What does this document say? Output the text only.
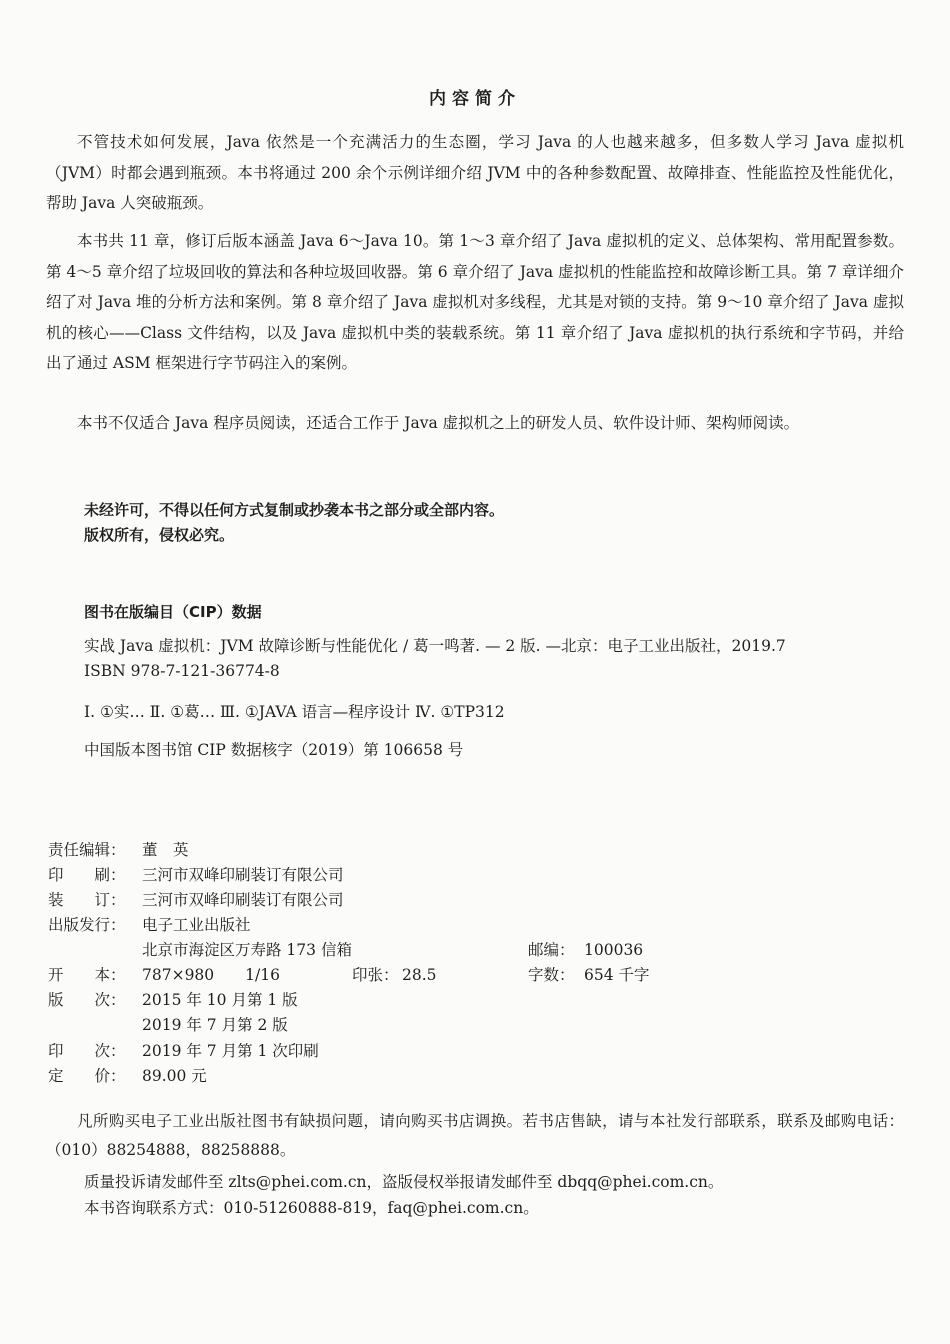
内容简介

不管技术如何发展，Java 依然是一个充满活力的生态圈，学习 Java 的人也越来越多，但多数人学习 Java 虚拟机（JVM）时都会遇到瓶颈。本书将通过 200 余个示例详细介绍 JVM 中的各种参数配置、故障排查、性能监控及性能优化，帮助 Java 人突破瓶颈。

本书共 11 章，修订后版本涵盖 Java 6～Java 10。第 1～3 章介绍了 Java 虚拟机的定义、总体架构、常用配置参数。第 4～5 章介绍了垃圾回收的算法和各种垃圾回收器。第 6 章介绍了 Java 虚拟机的性能监控和故障诊断工具。第 7 章详细介绍了对 Java 堆的分析方法和案例。第 8 章介绍了 Java 虚拟机对多线程，尤其是对锁的支持。第 9～10 章介绍了 Java 虚拟机的核心——Class 文件结构，以及 Java 虚拟机中类的装载系统。第 11 章介绍了 Java 虚拟机的执行系统和字节码，并给出了通过 ASM 框架进行字节码注入的案例。

本书不仅适合 Java 程序员阅读，还适合工作于 Java 虚拟机之上的研发人员、软件设计师、架构师阅读。

未经许可，不得以任何方式复制或抄袭本书之部分或全部内容。
版权所有，侵权必究。
图书在版编目（CIP）数据
实战 Java 虚拟机：JVM 故障诊断与性能优化 / 葛一鸣著. — 2 版. —北京：电子工业出版社，2019.7
ISBN 978-7-121-36774-8
Ⅰ. ①实… Ⅱ. ①葛… Ⅲ. ①JAVA 语言—程序设计 Ⅳ. ①TP312
中国版本图书馆 CIP 数据核字（2019）第 106658 号
责任编辑： 董　英
印　　刷： 三河市双峰印刷装订有限公司
装　　订： 三河市双峰印刷装订有限公司
出版发行： 电子工业出版社
北京市海淀区万寿路 173 信箱	邮编： 100036
开　　本： 787×980　　1/16	印张： 28.5	字数： 654 千字
版　　次： 2015 年 10 月第 1 版
2019 年 7 月第 2 版
印　　次： 2019 年 7 月第 1 次印刷
定　　价： 89.00 元

凡所购买电子工业出版社图书有缺损问题，请向购买书店调换。若书店售缺，请与本社发行部联系，联系及邮购电话：（010）88254888，88258888。

质量投诉请发邮件至 zlts@phei.com.cn，盗版侵权举报请发邮件至 dbqq@phei.com.cn。
本书咨询联系方式：010-51260888-819，faq@phei.com.cn。
